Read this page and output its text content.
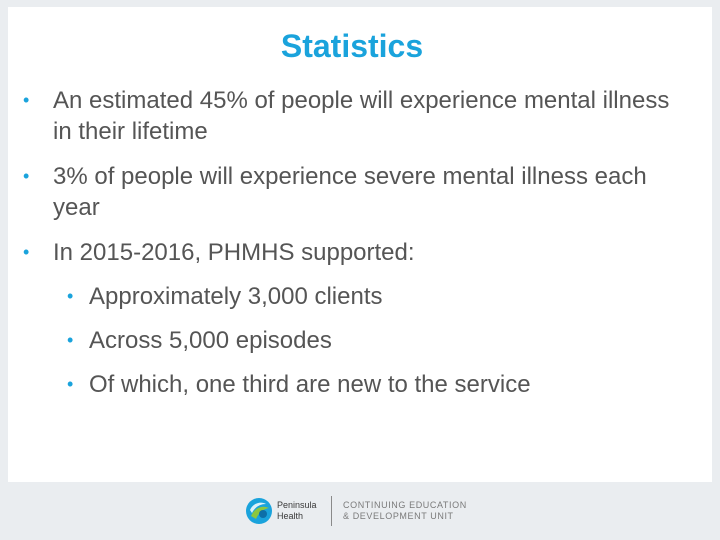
Statistics
• An estimated 45% of people will experience mental illness in their lifetime
• 3% of people will experience severe mental illness each year
• In 2015-2016, PHMHS supported:
• Approximately 3,000 clients
• Across 5,000 episodes
• Of which, one third are new to the service
Peninsula
Health
CONTINUING EDUCATION
& DEVELOPMENT UNIT
